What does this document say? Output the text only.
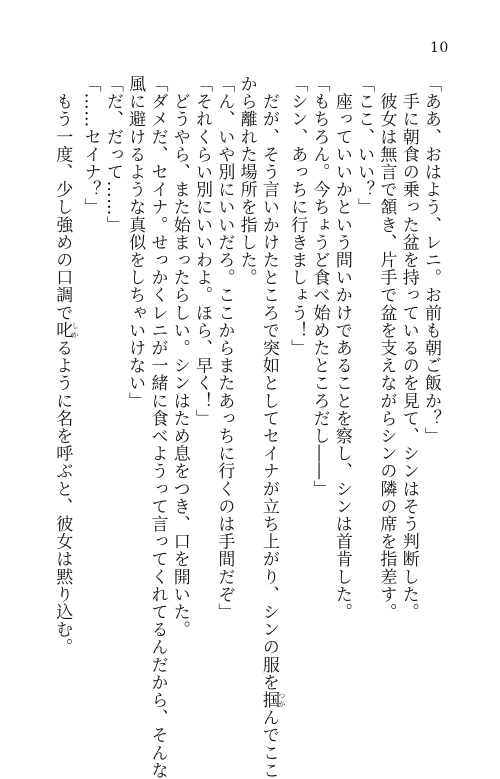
10
「ああ、おはよう、レニ。お前も朝ご飯か？」
　手に朝食の乗った盆を持っているのを見て、シンはそう判断した。
　彼女は無言で頷き、片手で盆を支えながらシンの隣の席を指差す。
「ここ、いい？」
　座っていいかという問いかけであることを察し、シンは首肯した。
「もちろん。今ちょうど食べ始めたところだし――」
「シン、あっちに行きましょう！」
　だが、そう言いかけたところで突如としてセイナが立ち上がり、シンの服を掴 つかんでここ
から離れた場所を指した。
「ん、いや別にいいだろ。ここからまたあっちに行くのは手間だぞ」
「それくらい別にいいわよ。ほら、早く！」
　どうやら、また始まったらしい。シンはため息をつき、口を開いた。
「ダメだ、セイナ。せっかくレニが一緒に食べようって言ってくれてるんだから、そんな
風に避けるような真似をしちゃいけない」
「だ、だって……」
「……セイナ？」
　もう一度、少し強めの口調で叱 しかるように名を呼ぶと、彼女は黙り込む。
